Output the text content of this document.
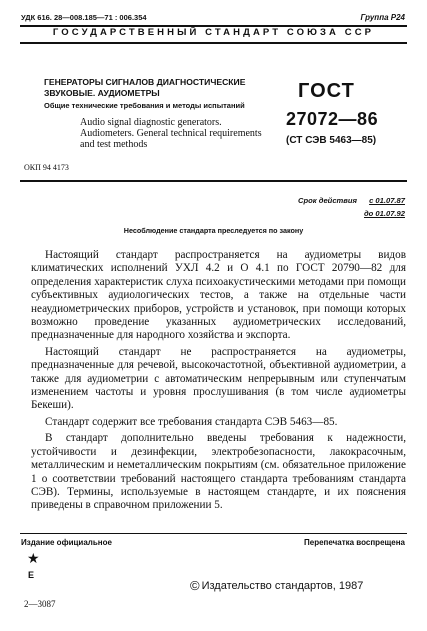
УДК 616. 28—008.185—71 : 006.354	Группа Р24
ГОСУДАРСТВЕННЫЙ СТАНДАРТ СОЮЗА ССР
ГЕНЕРАТОРЫ СИГНАЛОВ ДИАГНОСТИЧЕСКИЕ ЗВУКОВЫЕ. АУДИОМЕТРЫ
Общие технические требования и методы испытаний
Audio signal diagnostic generators. Audiometers. General technical requirements and test methods
ГОСТ
27072—86
(СТ СЭВ 5463—85)
ОКП 94 4173
Срок действия с 01.07.87
до 01.07.92
Несоблюдение стандарта преследуется по закону

Настоящий стандарт распространяется на аудиометры видов климатических исполнений УХЛ 4.2 и О 4.1 по ГОСТ 20790—82 для определения характеристик слуха психоакустическими методами при помощи субъективных аудиологических тестов, а также на отдельные части неаудиометрических приборов, устройств и установок, при помощи которых возможно проведение указанных аудиометрических исследований, предназначенные для народного хозяйства и экспорта.

Настоящий стандарт не распространяется на аудиометры, предназначенные для речевой, высокочастотной, объективной аудиометрии, а также для аудиометрии с автоматическим непрерывным или ступенчатым изменением частоты и уровня прослушивания (в том числе аудиометры Бекеши).

Стандарт содержит все требования стандарта СЭВ 5463—85.

В стандарт дополнительно введены требования к надежности, устойчивости и дезинфекции, электробезопасности, лакокрасочным, металлическим и неметаллическим покрытиям (см. обязательное приложение 1 о соответствии требований настоящего стандарта требованиям стандарта СЭВ). Термины, используемые в настоящем стандарте, и их пояснения приведены в справочном приложении 5.

Издание официальное	Перепечатка воспрещена
★
Е
© Издательство стандартов, 1987
2—3087
